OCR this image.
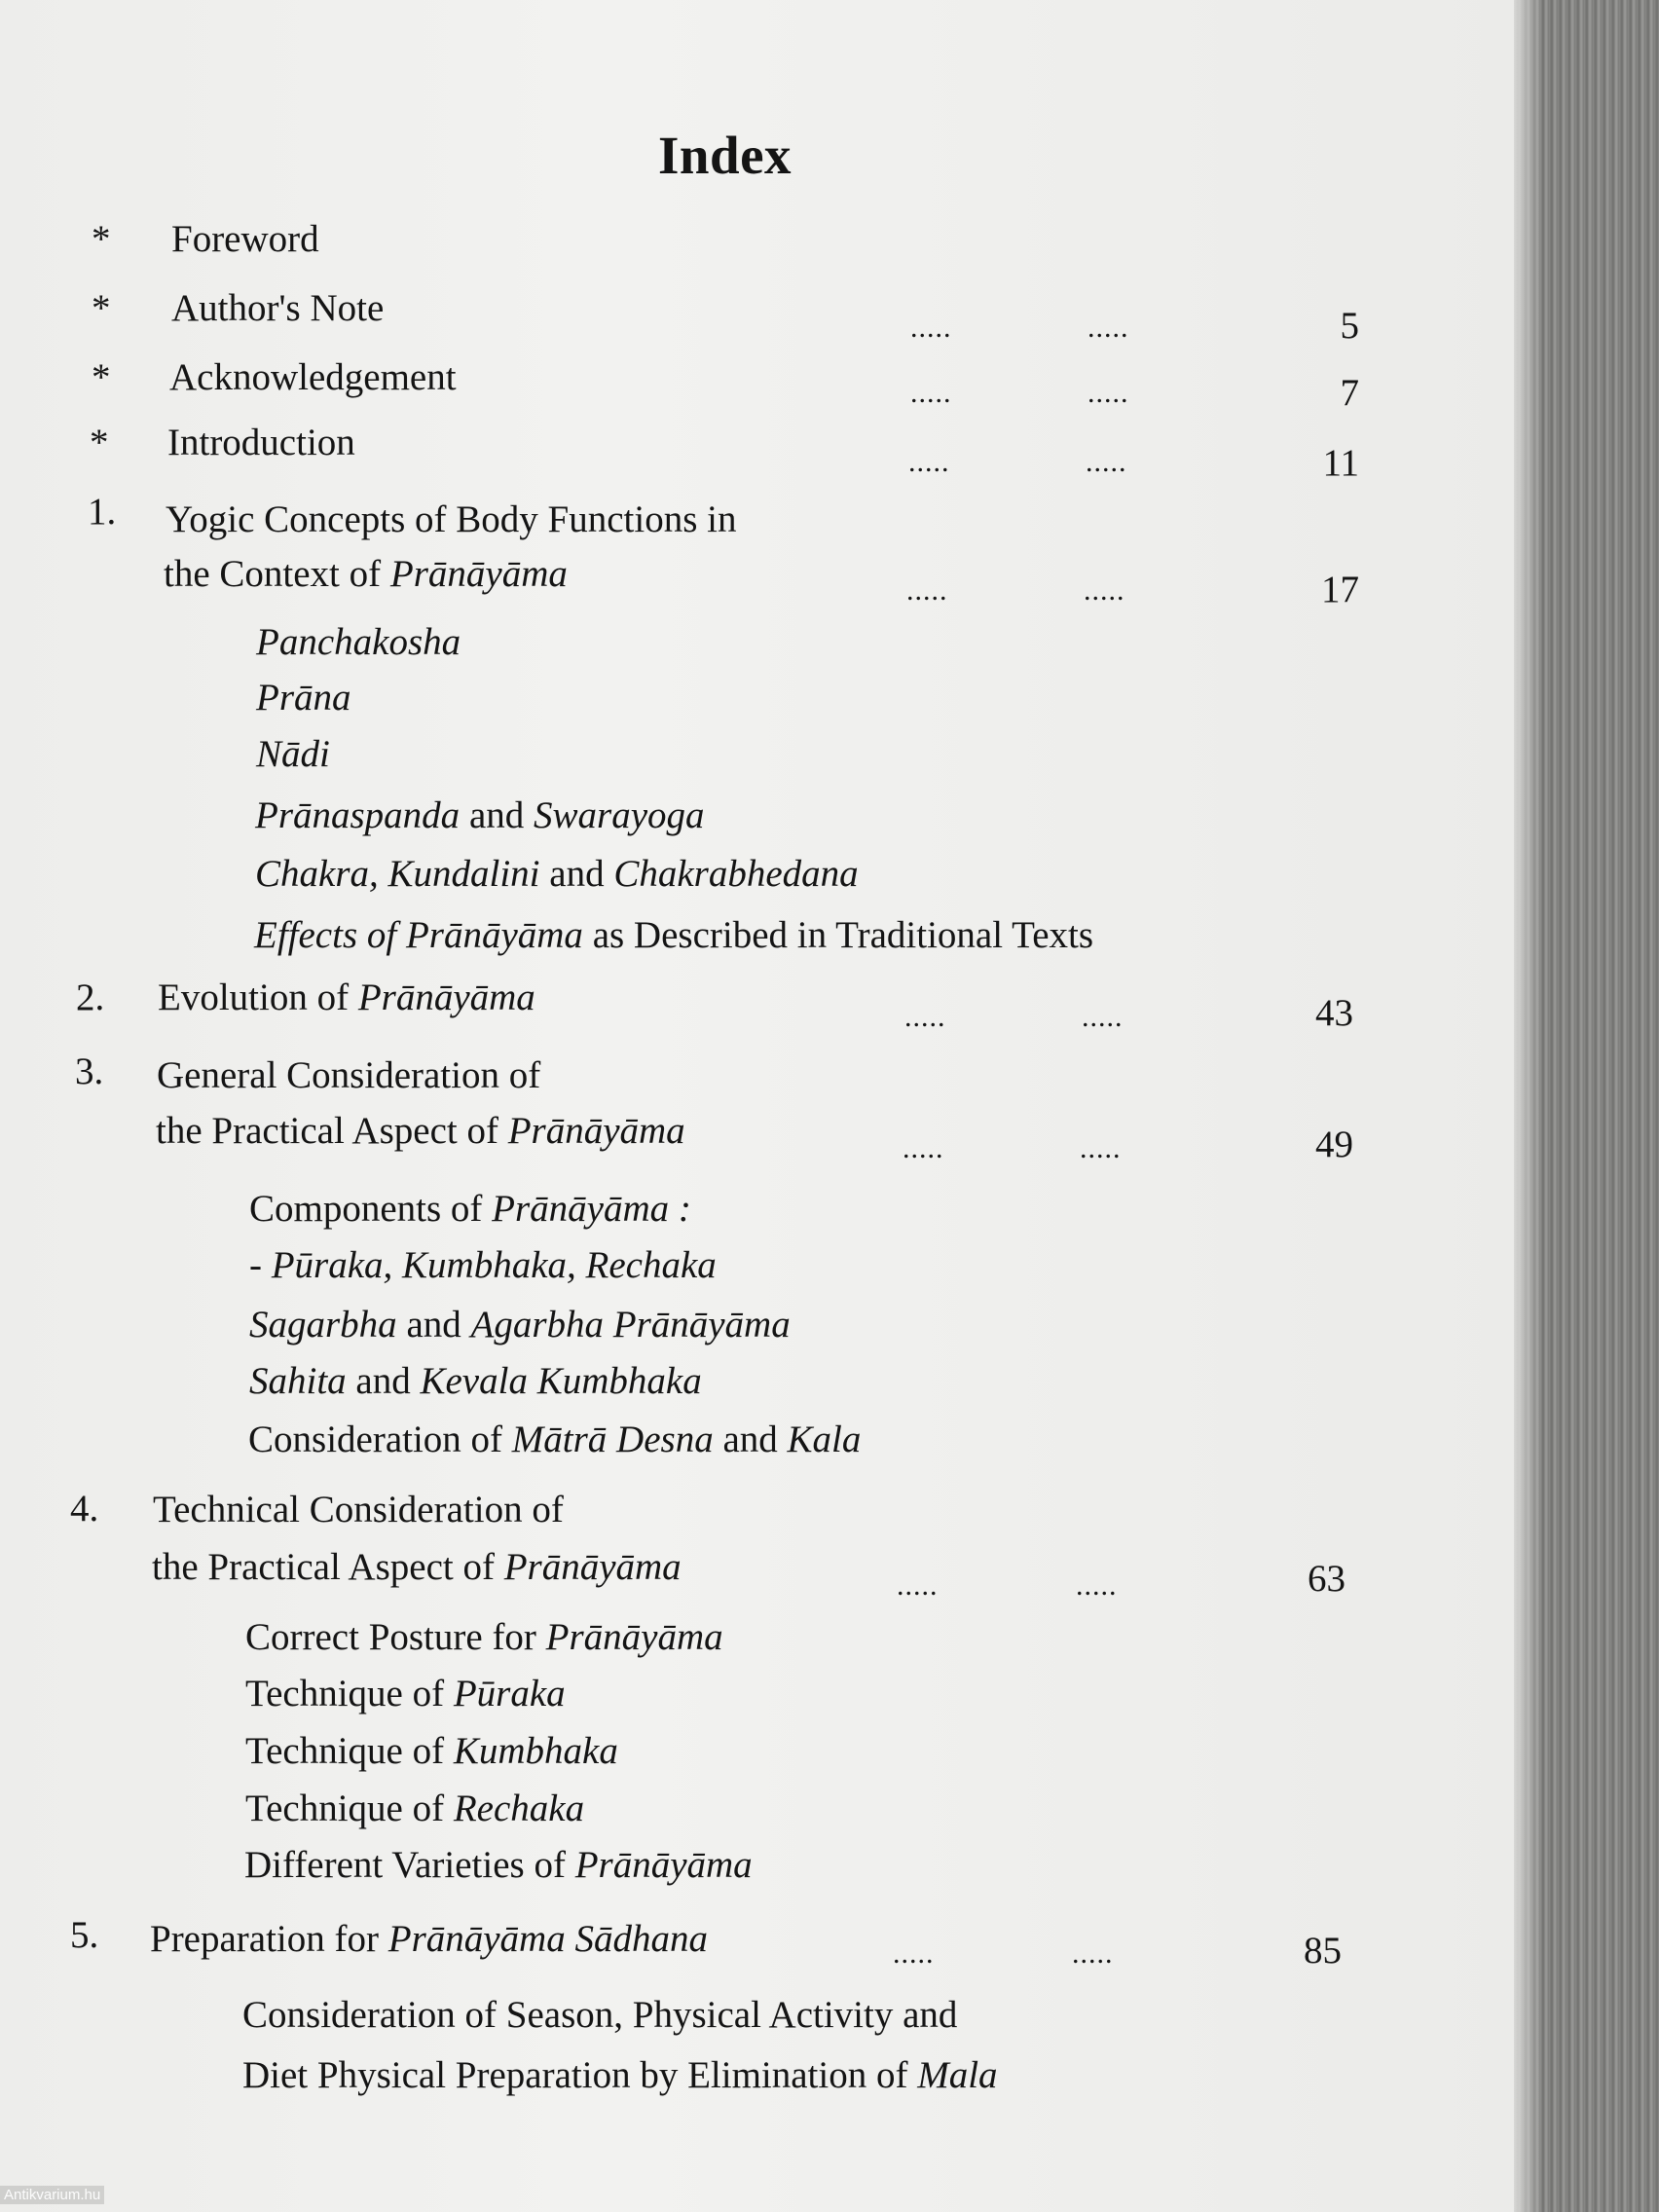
Index
* Foreword
* Author's Note	.....	.....	5
* Acknowledgement	.....	.....	7
* Introduction	.....	.....	11
1. Yogic Concepts of Body Functions in
the Context of Prānāyāma	.....	.....	17
Panchakosha
Prāna
Nādi
Prānaspanda and Swarayoga
Chakra, Kundalini and Chakrabhedana
Effects of Prānāyāma as Described in Traditional Texts
2. Evolution of Prānāyāma	.....	.....	43
3. General Consideration of
the Practical Aspect of Prānāyāma	.....	.....	49
Components of Prānāyāma :
- Pūraka, Kumbhaka, Rechaka
Sagarbha and Agarbha Prānāyāma
Sahita and Kevala Kumbhaka
Consideration of Mātrā Desna and Kala
4. Technical Consideration of
the Practical Aspect of Prānāyāma	.....	.....	63
Correct Posture for Prānāyāma
Technique of Pūraka
Technique of Kumbhaka
Technique of Rechaka
Different Varieties of Prānāyāma
5. Preparation for Prānāyāma Sādhana	.....	.....	85
Consideration of Season, Physical Activity and
Diet Physical Preparation by Elimination of Mala
Antikvarium.hu
